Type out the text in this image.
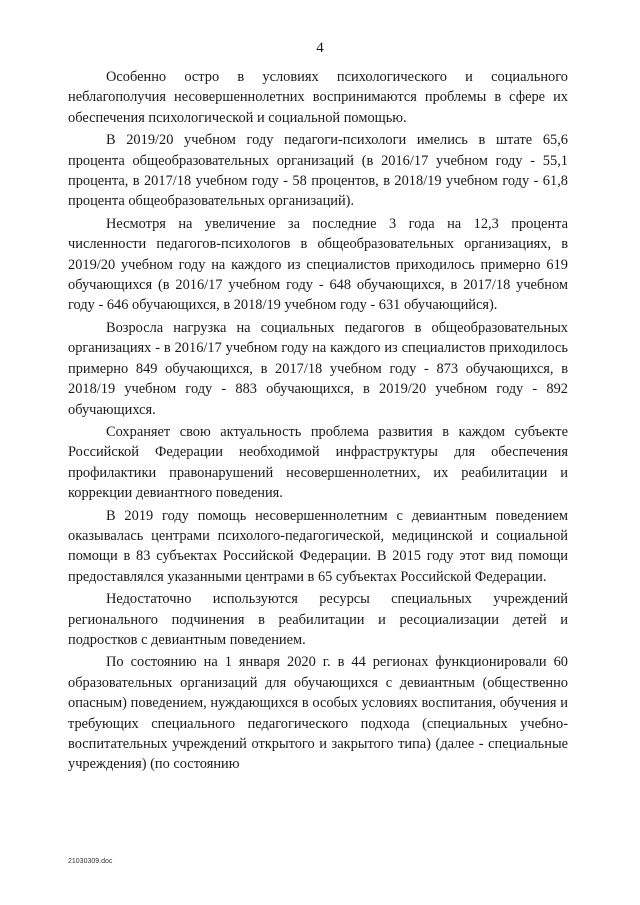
4

Особенно остро в условиях психологического и социального неблагополучия несовершеннолетних воспринимаются проблемы в сфере их обеспечения психологической и социальной помощью.

В 2019/20 учебном году педагоги-психологи имелись в штате 65,6 процента общеобразовательных организаций (в 2016/17 учебном году - 55,1 процента, в 2017/18 учебном году - 58 процентов, в 2018/19 учебном году - 61,8 процента общеобразовательных организаций).

Несмотря на увеличение за последние 3 года на 12,3 процента численности педагогов-психологов в общеобразовательных организациях, в 2019/20 учебном году на каждого из специалистов приходилось примерно 619 обучающихся (в 2016/17 учебном году - 648 обучающихся, в 2017/18 учебном году - 646 обучающихся, в 2018/19 учебном году - 631 обучающийся).

Возросла нагрузка на социальных педагогов в общеобразовательных организациях - в 2016/17 учебном году на каждого из специалистов приходилось примерно 849 обучающихся, в 2017/18 учебном году - 873 обучающихся, в 2018/19 учебном году - 883 обучающихся, в 2019/20 учебном году - 892 обучающихся.

Сохраняет свою актуальность проблема развития в каждом субъекте Российской Федерации необходимой инфраструктуры для обеспечения профилактики правонарушений несовершеннолетних, их реабилитации и коррекции девиантного поведения.

В 2019 году помощь несовершеннолетним с девиантным поведением оказывалась центрами психолого-педагогической, медицинской и социальной помощи в 83 субъектах Российской Федерации. В 2015 году этот вид помощи предоставлялся указанными центрами в 65 субъектах Российской Федерации.

Недостаточно используются ресурсы специальных учреждений регионального подчинения в реабилитации и ресоциализации детей и подростков с девиантным поведением.

По состоянию на 1 января 2020 г. в 44 регионах функционировали 60 образовательных организаций для обучающихся с девиантным (общественно опасным) поведением, нуждающихся в особых условиях воспитания, обучения и требующих специального педагогического подхода (специальных учебно-воспитательных учреждений открытого и закрытого типа) (далее - специальные учреждения) (по состоянию

21030309.doc
